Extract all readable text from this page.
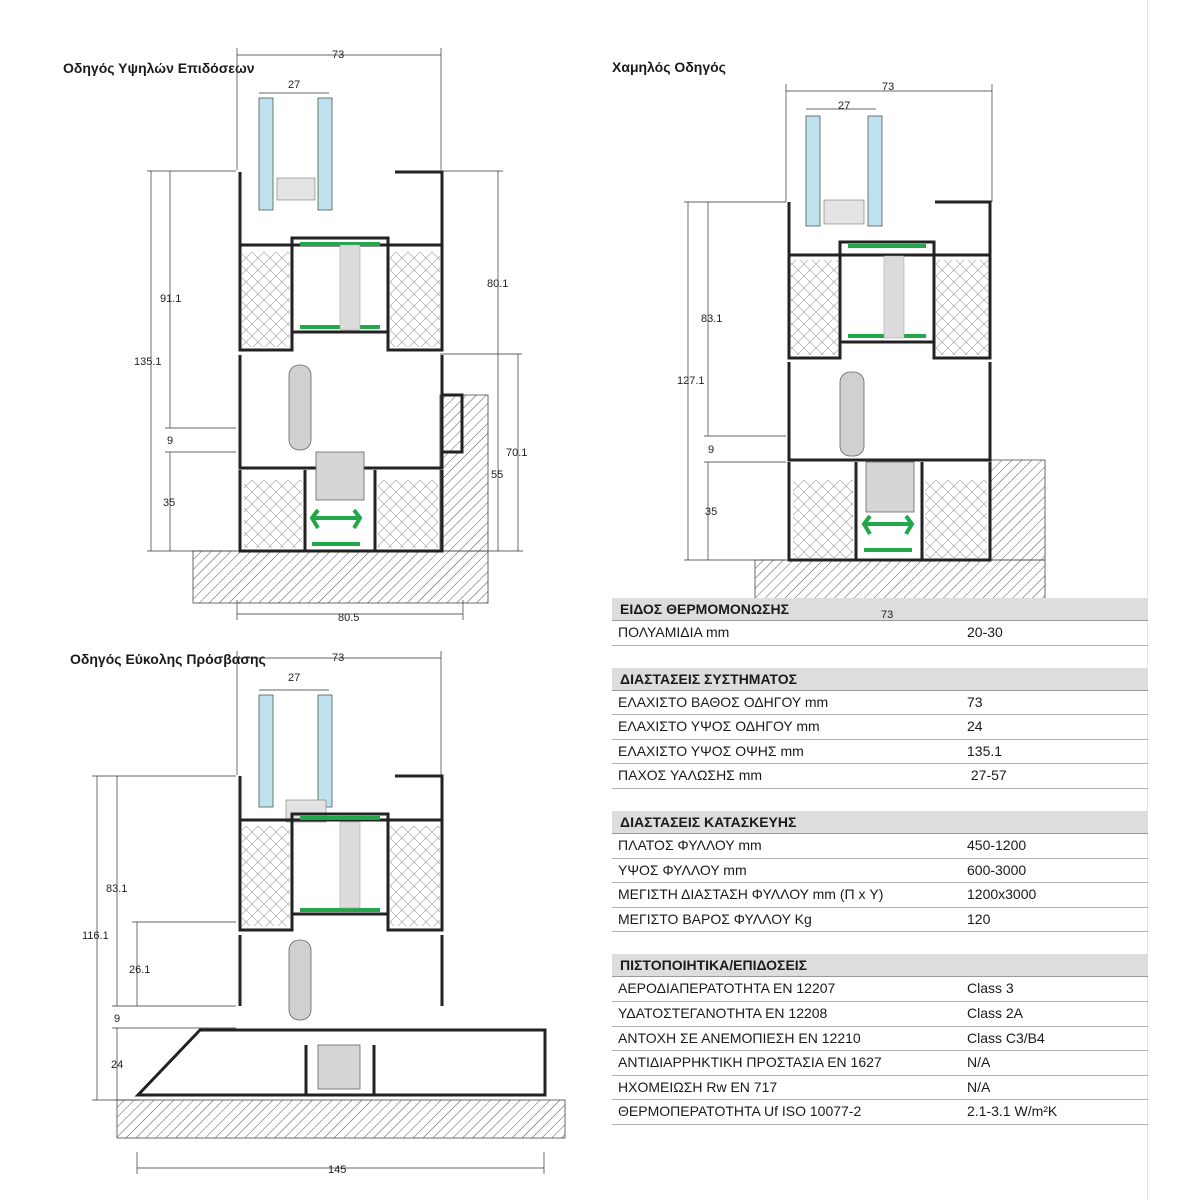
Οδηγός Υψηλών Επιδόσεων
73
27
91.1
135.1
9
35
80.1
70.1
55
80.5
Χαμηλός Οδηγός
73
27
83.1
127.1
9
35
73
Οδηγός Εύκολης Πρόσβασης	73
27
83.1
116.1
26.1
9
24
145
ΕΙΔΟΣ ΘΕΡΜΟΜΟΝΩΣΗΣ
ΠΟΛΥΑΜΙΔΙΑ mm	20-30
ΔΙΑΣΤΑΣΕΙΣ ΣΥΣΤΗΜΑΤΟΣ
ΕΛΑΧΙΣΤΟ ΒΑΘΟΣ ΟΔΗΓΟΥ mm	73
ΕΛΑΧΙΣΤΟ ΥΨΟΣ ΟΔΗΓΟΥ mm	24
ΕΛΑΧΙΣΤΟ ΥΨΟΣ ΟΨΗΣ mm	135.1
ΠΑΧΟΣ ΥΑΛΩΣΗΣ mm	27-57
ΔΙΑΣΤΑΣΕΙΣ ΚΑΤΑΣΚΕΥΗΣ
ΠΛΑΤΟΣ ΦΥΛΛΟΥ mm	450-1200
ΥΨΟΣ ΦΥΛΛΟΥ mm	600-3000
ΜΕΓΙΣΤΗ ΔΙΑΣΤΑΣΗ ΦΥΛΛΟΥ mm (Π x Υ)	1200x3000
ΜΕΓΙΣΤΟ ΒΑΡΟΣ ΦΥΛΛΟΥ Kg	120
ΠΙΣΤΟΠΟΙΗΤΙΚΑ/ΕΠΙΔΟΣΕΙΣ
ΑΕΡΟΔΙΑΠΕΡΑΤΟΤΗΤΑ EN 12207	Class 3
ΥΔΑΤΟΣΤΕΓΑΝΟΤΗΤΑ EN 12208	Class 2A
ΑΝΤΟΧΗ ΣΕ ΑΝΕΜΟΠΙΕΣΗ EN 12210	Class C3/B4
ΑΝΤΙΔΙΑΡΡΗΚΤΙΚΗ ΠΡΟΣΤΑΣΙΑ EN 1627	N/A
ΗΧΟΜΕΙΩΣΗ Rw EN 717	N/A
ΘΕΡΜΟΠΕΡΑΤΟΤΗΤΑ Uf ISO 10077-2	2.1-3.1 W/m²K
